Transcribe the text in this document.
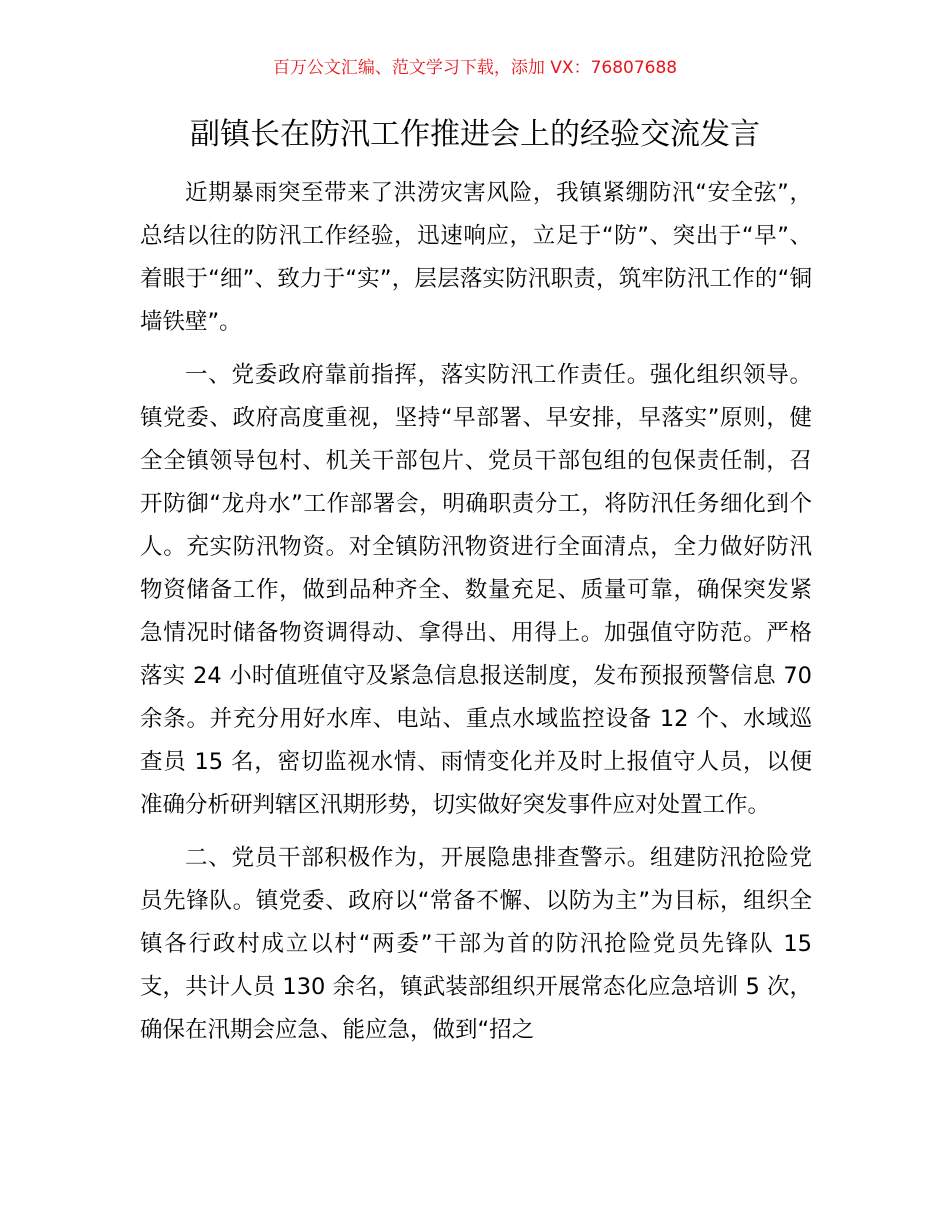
百万公文汇编、范文学习下载，添加 VX：76807688
副镇长在防汛工作推进会上的经验交流发言

近期暴雨突至带来了洪涝灾害风险，我镇紧绷防汛“安全弦”，总结以往的防汛工作经验，迅速响应，立足于“防”、突出于“早”、着眼于“细”、致力于“实”，层层落实防汛职责，筑牢防汛工作的“铜墙铁壁”。

一、党委政府靠前指挥，落实防汛工作责任。强化组织领导。镇党委、政府高度重视，坚持“早部署、早安排，早落实”原则，健全全镇领导包村、机关干部包片、党员干部包组的包保责任制，召开防御“龙舟水”工作部署会，明确职责分工，将防汛任务细化到个人。充实防汛物资。对全镇防汛物资进行全面清点，全力做好防汛物资储备工作，做到品种齐全、数量充足、质量可靠，确保突发紧急情况时储备物资调得动、拿得出、用得上。加强值守防范。严格落实 24 小时值班值守及紧急信息报送制度，发布预报预警信息 70 余条。并充分用好水库、电站、重点水域监控设备 12 个、水域巡查员 15 名，密切监视水情、雨情变化并及时上报值守人员，以便准确分析研判辖区汛期形势，切实做好突发事件应对处置工作。

二、党员干部积极作为，开展隐患排查警示。组建防汛抢险党员先锋队。镇党委、政府以“常备不懈、以防为主”为目标，组织全镇各行政村成立以村“两委”干部为首的防汛抢险党员先锋队 15 支，共计人员 130 余名，镇武装部组织开展常态化应急培训 5 次，确保在汛期会应急、能应急，做到“招之
